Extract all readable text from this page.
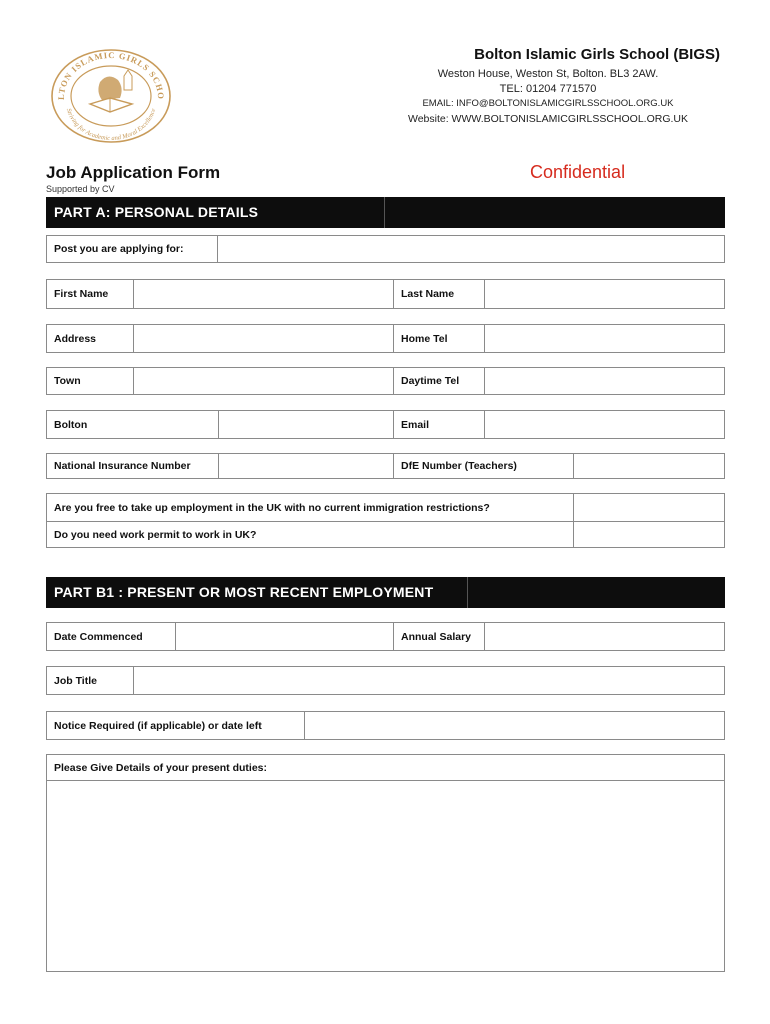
LTON ISLAMIC GIRLS SCHO
Striving for Academic and Moral Excellence
Bolton Islamic Girls School (BIGS)
Weston House, Weston St, Bolton. BL3 2AW.
TEL: 01204 771570
EMAIL: INFO@BOLTONISLAMICGIRLSSCHOOL.ORG.UK
Website: WWW.BOLTONISLAMICGIRLSSCHOOL.ORG.UK
Job Application Form	Confidential
Supported by CV
PART A: PERSONAL DETAILS
Post you are applying for:
First Name	Last Name
Address	Home Tel
Town	Daytime Tel
Bolton	Email
National Insurance Number	DfE Number (Teachers)
Are you free to take up employment in the UK with no current immigration restrictions?
Do you need work permit to work in UK?
PART B1 : PRESENT OR MOST RECENT EMPLOYMENT
Date Commenced	Annual Salary
Job Title
Notice Required (if applicable) or date left
Please Give Details of your present duties:
